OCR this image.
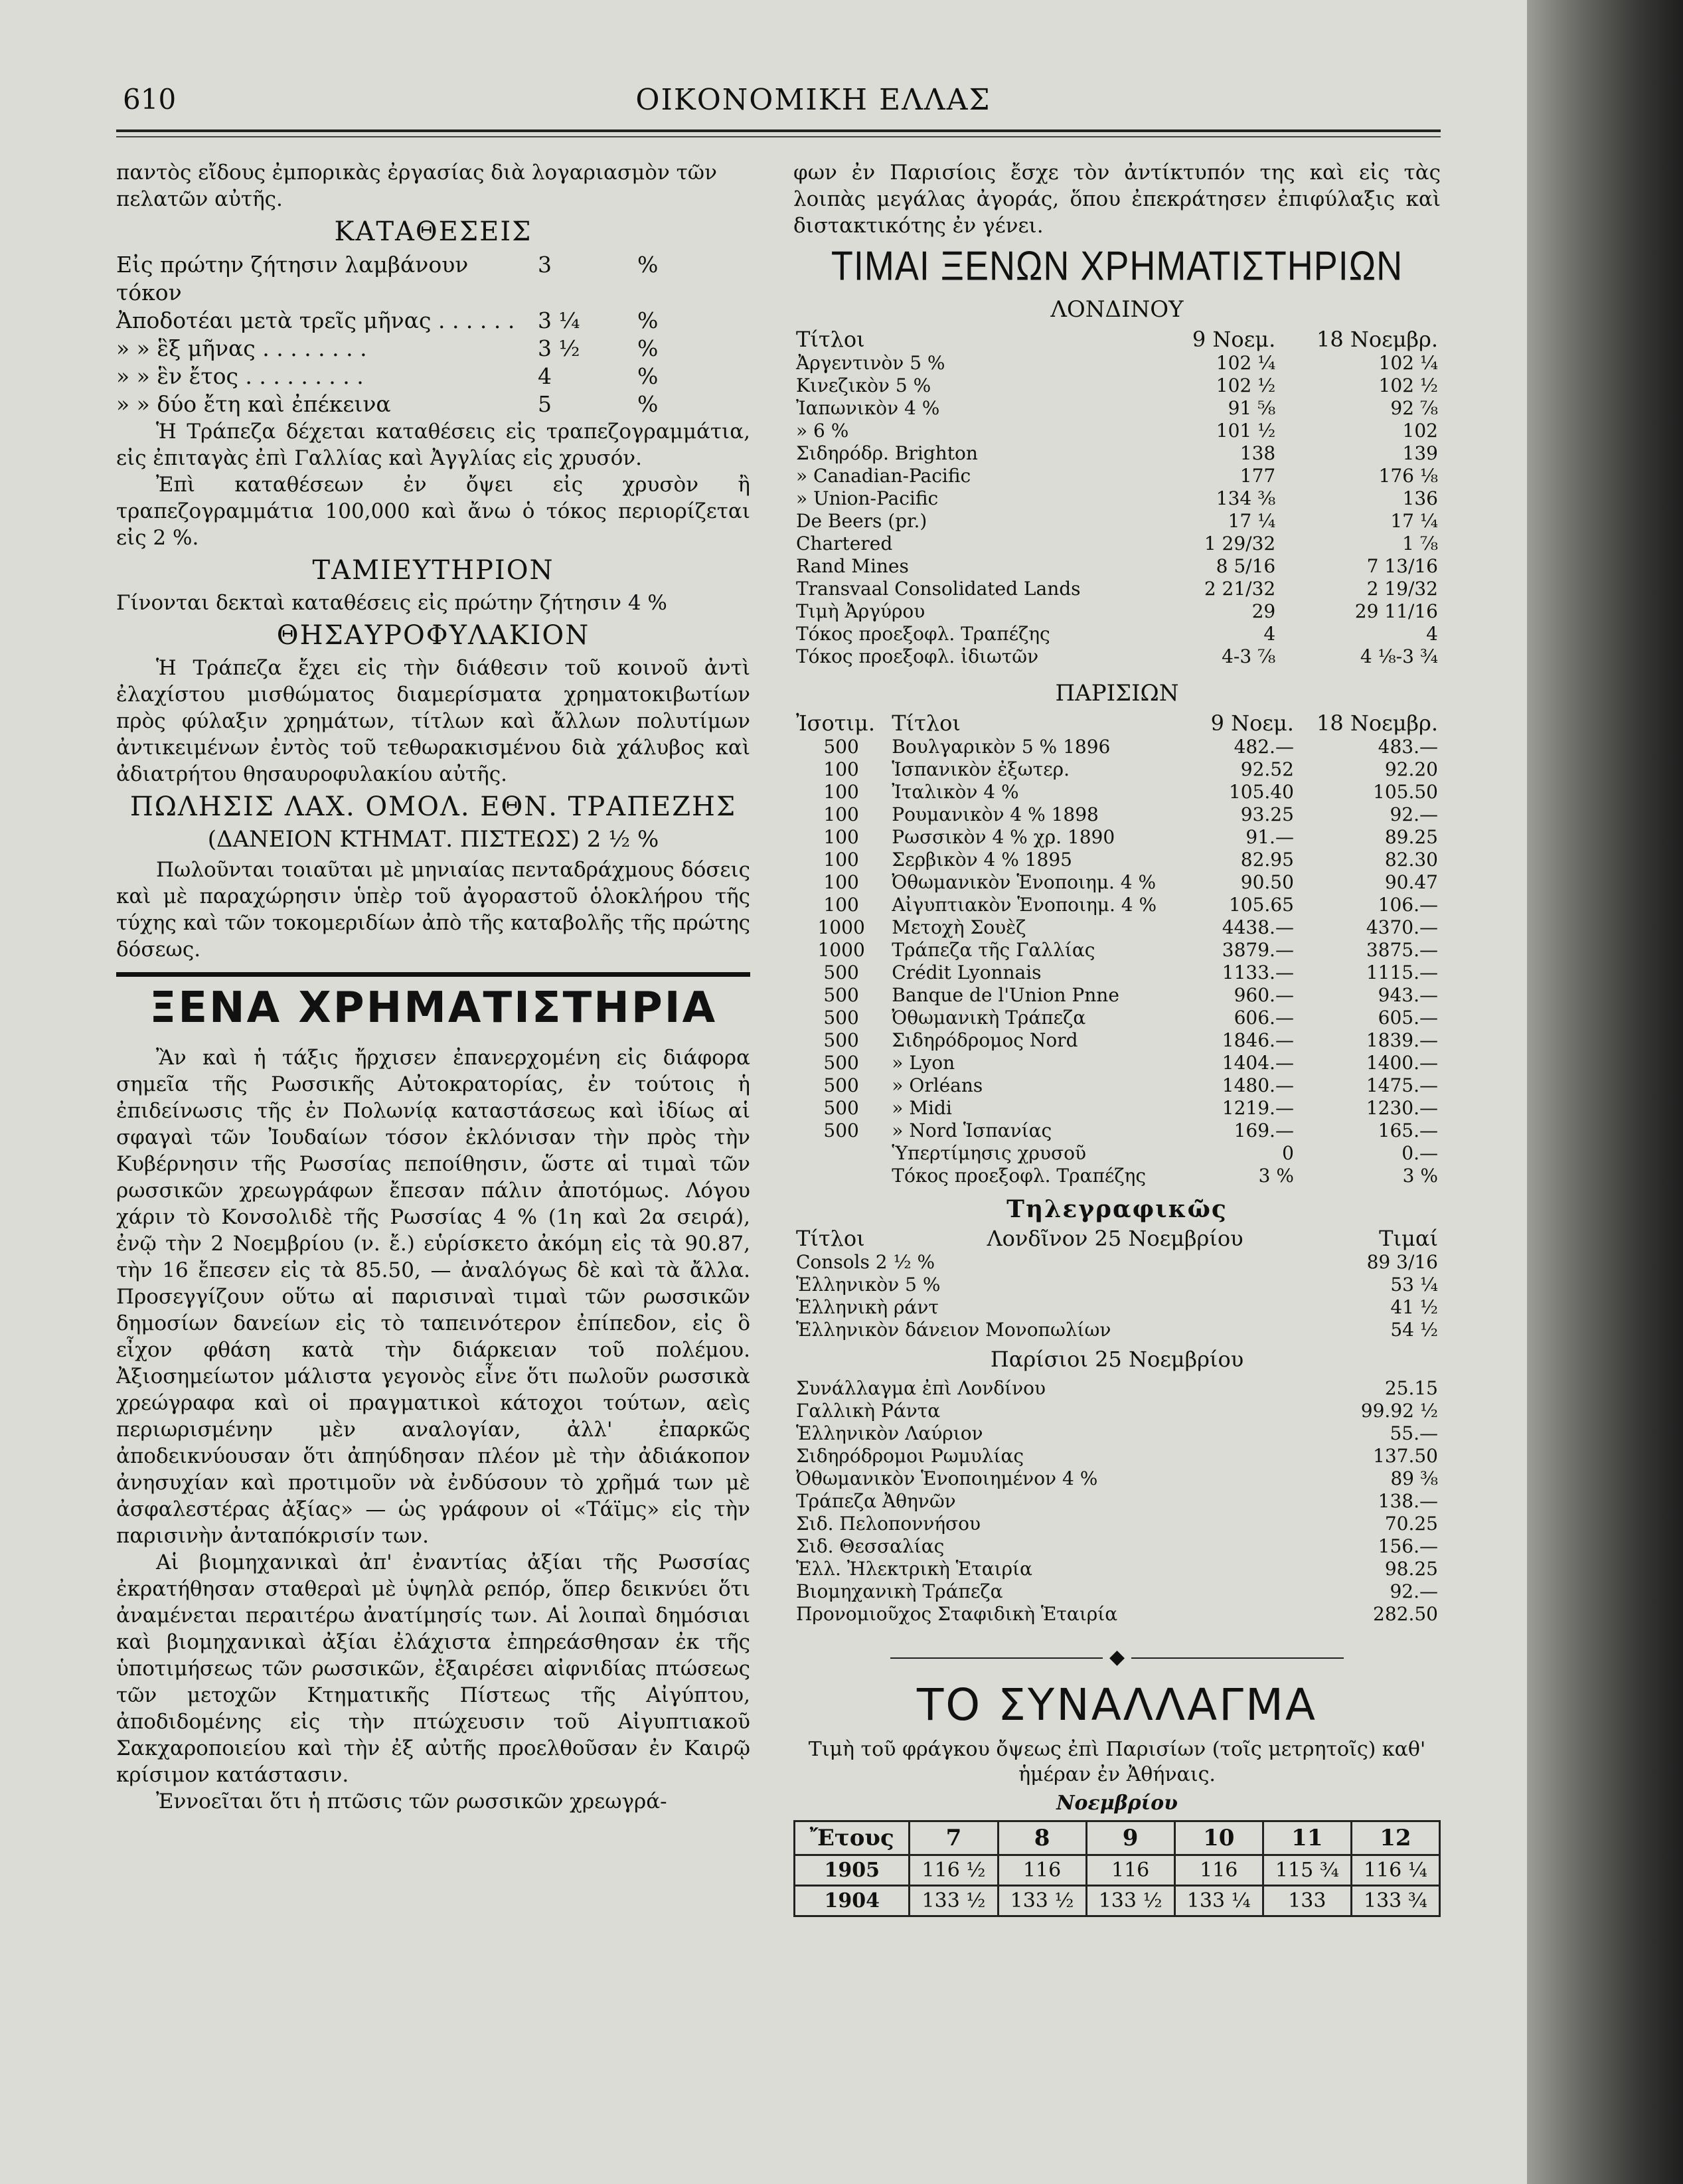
610	ΟΙΚΟΝΟΜΙΚΗ ΕΛΛΑΣ

παντὸς εἴδους ἐμπορικὰς ἐργασίας διὰ λογαριασμὸν τῶν

πελατῶν αὐτῆς.

ΚΑΤΑΘΕΣΕΙΣ
Εἰς πρώτην ζήτησιν λαμβάνουν τόκον
3	%
Ἀποδοτέαι μετὰ τρεῖς μῆνας . . . . . .	3 ¼	%
» » ἓξ μῆνας . . . . . . . .	3 ½	%
» » ἓν ἔτος . . . . . . . . .	4	%
» » δύο ἔτη καὶ ἐπέκεινα	5	%

Ἡ Τράπεζα δέχεται καταθέσεις εἰς τραπεζογραμμάτια, εἰς ἐπιταγὰς ἐπὶ Γαλλίας καὶ Ἀγγλίας εἰς χρυσόν.

Ἐπὶ καταθέσεων ἐν ὄψει εἰς χρυσὸν ἢ τραπεζογραμμάτια 100,000 καὶ ἄνω ὁ τόκος περιορίζεται εἰς 2 %.

ΤΑΜΙΕΥΤΗΡΙΟΝ

Γίνονται δεκταὶ καταθέσεις εἰς πρώτην ζήτησιν 4 %

ΘΗΣΑΥΡΟΦΥΛΑΚΙΟΝ

Ἡ Τράπεζα ἔχει εἰς τὴν διάθεσιν τοῦ κοινοῦ ἀντὶ ἐλαχίστου μισθώματος διαμερίσματα χρηματοκιβωτίων πρὸς φύλαξιν χρημάτων, τίτλων καὶ ἄλλων πολυτίμων ἀντικειμένων ἐντὸς τοῦ τεθωρακισμένου διὰ χάλυβος καὶ ἀδιατρήτου θησαυροφυλακίου αὐτῆς.

ΠΩΛΗΣΙΣ ΛΑΧ. ΟΜΟΛ. ΕΘΝ. ΤΡΑΠΕΖΗΣ
(ΔΑΝΕΙΟΝ ΚΤΗΜΑΤ. ΠΙΣΤΕΩΣ) 2 ½ %

Πωλοῦνται τοιαῦται μὲ μηνιαίας πενταδράχμους δόσεις καὶ μὲ παραχώρησιν ὑπὲρ τοῦ ἀγοραστοῦ ὁλοκλήρου τῆς τύχης καὶ τῶν τοκομεριδίων ἀπὸ τῆς καταβολῆς τῆς πρώτης δόσεως.

ΞΕΝΑ ΧΡΗΜΑΤΙΣΤΗΡΙΑ

Ἂν καὶ ἡ τάξις ἤρχισεν ἐπανερχομένη εἰς διάφορα σημεῖα τῆς Ρωσσικῆς Αὐτοκρατορίας, ἐν τούτοις ἡ ἐπιδείνωσις τῆς ἐν Πολωνίᾳ καταστάσεως καὶ ἰδίως αἱ σφαγαὶ τῶν Ἰουδαίων τόσον ἐκλόνισαν τὴν πρὸς τὴν Κυβέρνησιν τῆς Ρωσσίας πεποίθησιν, ὥστε αἱ τιμαὶ τῶν ρωσσικῶν χρεωγράφων ἔπεσαν πάλιν ἀποτόμως. Λόγου χάριν τὸ Κονσολιδὲ τῆς Ρωσσίας 4 % (1η καὶ 2α σειρά), ἐνῷ τὴν 2 Νοεμβρίου (ν. ἔ.) εὑρίσκετο ἀκόμη εἰς τὰ 90.87, τὴν 16 ἔπεσεν εἰς τὰ 85.50, — ἀναλόγως δὲ καὶ τὰ ἄλλα. Προσεγγίζουν οὕτω αἱ παρισιναὶ τιμαὶ τῶν ρωσσικῶν δημοσίων δανείων εἰς τὸ ταπεινότερον ἐπίπεδον, εἰς ὃ εἶχον φθάση κατὰ τὴν διάρκειαν τοῦ πολέμου. Ἀξιοσημείωτον μάλιστα γεγονὸς εἶνε ὅτι πωλοῦν ρωσσικὰ χρεώγραφα καὶ οἱ πραγματικοὶ κάτοχοι τούτων, αεὶς περιωρισμένην μὲν αναλογίαν, ἀλλ' ἐπαρκῶς ἀποδεικνύουσαν ὅτι ἀπηύδησαν πλέον μὲ τὴν ἀδιάκοπον ἀνησυχίαν καὶ προτιμοῦν νὰ ἐνδύσουν τὸ χρῆμά των μὲ ἀσφαλεστέρας ἀξίας» — ὡς γράφουν οἱ «Τάϊμς» εἰς τὴν παρισινὴν ἀνταπόκρισίν των.

Αἱ βιομηχανικαὶ ἀπ' ἐναντίας ἀξίαι τῆς Ρωσσίας ἐκρατήθησαν σταθεραὶ μὲ ὑψηλὰ ρεπόρ, ὅπερ δεικνύει ὅτι ἀναμένεται περαιτέρω ἀνατίμησίς των. Αἱ λοιπαὶ δημόσιαι καὶ βιομηχανικαὶ ἀξίαι ἐλάχιστα ἐπηρεάσθησαν ἐκ τῆς ὑποτιμήσεως τῶν ρωσσικῶν, ἐξαιρέσει αἰφνιδίας πτώσεως τῶν μετοχῶν Κτηματικῆς Πίστεως τῆς Αἰγύπτου, ἀποδιδομένης εἰς τὴν πτώχευσιν τοῦ Αἰγυπτιακοῦ Σακχαροποιείου καὶ τὴν ἐξ αὐτῆς προελθοῦσαν ἐν Καιρῷ κρίσιμον κατάστασιν.

Ἐννοεῖται ὅτι ἡ πτῶσις τῶν ρωσσικῶν χρεωγρά-

φων ἐν Παρισίοις ἔσχε τὸν ἀντίκτυπόν της καὶ εἰς τὰς λοιπὰς μεγάλας ἀγοράς, ὅπου ἐπεκράτησεν ἐπιφύλαξις καὶ διστακτικότης ἐν γένει.

ΤΙΜΑΙ ΞΕΝΩΝ ΧΡΗΜΑΤΙΣΤΗΡΙΩΝ
ΛΟΝΔΙΝΟΥ
Τίτλοι	9 Νοεμ.	18 Νοεμβρ.
Ἀργεντινὸν 5 %	102 ¼	102 ¼
Κινεζικὸν 5 %	102 ½	102 ½
Ἰαπωνικὸν 4 %	91 ⅝	92 ⅞
» 6 %	101 ½	102
Σιδηρόδρ. Brighton	138	139
» Canadian-Pacific	177	176 ⅛
» Union-Pacific	134 ⅜	136
De Beers (pr.)	17 ¼	17 ¼
Chartered	1 29/32	1 ⅞
Rand Mines	8 5/16	7 13/16
Transvaal Consolidated Lands	2 21/32	2 19/32
Τιμὴ Ἀργύρου	29	29 11/16
Τόκος προεξοφλ. Τραπέζης	4	4
Τόκος προεξοφλ. ἰδιωτῶν	4-3 ⅞	4 ⅛-3 ¾
ΠΑΡΙΣΙΩΝ
Ἰσοτιμ.	Τίτλοι	9 Νοεμ.	18 Νοεμβρ.
500	Βουλγαρικὸν 5 % 1896	482.—	483.—
100	Ἱσπανικὸν ἐξωτερ.	92.52	92.20
100	Ἰταλικὸν 4 %	105.40	105.50
100	Ρουμανικὸν 4 % 1898	93.25	92.—
100	Ρωσσικὸν 4 % χρ. 1890	91.—	89.25
100	Σερβικὸν 4 % 1895	82.95	82.30
100	Ὀθωμανικὸν Ἑνοποιημ. 4 %	90.50	90.47
100	Αἰγυπτιακὸν Ἑνοποιημ. 4 %	105.65	106.—
1000	Μετοχὴ Σουὲζ	4438.—	4370.—
1000	Τράπεζα τῆς Γαλλίας	3879.—	3875.—
500	Crédit Lyonnais	1133.—	1115.—
500	Banque de l'Union Pnne	960.—	943.—
500	Ὀθωμανικὴ Τράπεζα	606.—	605.—
500	Σιδηρόδρομος Nord	1846.—	1839.—
500	» Lyon	1404.—	1400.—
500	» Orléans	1480.—	1475.—
500	» Midi	1219.—	1230.—
500	» Nord Ἱσπανίας	169.—	165.—
	Ὑπερτίμησις χρυσοῦ	0	0.—
	Τόκος προεξοφλ. Τραπέζης	3 %	3 %
Τηλεγραφικῶς
Τίτλοι	Λονδῖνον 25 Νοεμβρίου	Τιμαί
Consols 2 ½ %		89 3/16
Ἑλληνικὸν 5 %		53 ¼
Ἑλληνικὴ ράντ		41 ½
Ἑλληνικὸν δάνειον Μονοπωλίων		54 ½
Παρίσιοι 25 Νοεμβρίου
Συνάλλαγμα ἐπὶ Λονδίνου	25.15
Γαλλικὴ Ράντα	99.92 ½
Ἑλληνικὸν Λαύριον	55.—
Σιδηρόδρομοι Ρωμυλίας	137.50
Ὀθωμανικὸν Ἑνοποιημένον 4 %	89 ⅜
Τράπεζα Ἀθηνῶν	138.—
Σιδ. Πελοποννήσου	70.25
Σιδ. Θεσσαλίας	156.—
Ἑλλ. Ἠλεκτρικὴ Ἑταιρία	98.25
Βιομηχανικὴ Τράπεζα	92.—
Προνομιοῦχος Σταφιδικὴ Ἑταιρία	282.50
◆
ΤΟ ΣΥΝΑΛΛΑΓΜΑ
Τιμὴ τοῦ φράγκου ὄψεως ἐπὶ Παρισίων (τοῖς μετρητοῖς) καθ' ἡμέραν ἐν Ἀθήναις.
Νοεμβρίου
Ἔτους	7	8	9	10	11	12
1905	116 ½	116	116	116	115 ¾	116 ¼
1904	133 ½	133 ½	133 ½	133 ¼	133	133 ¾
